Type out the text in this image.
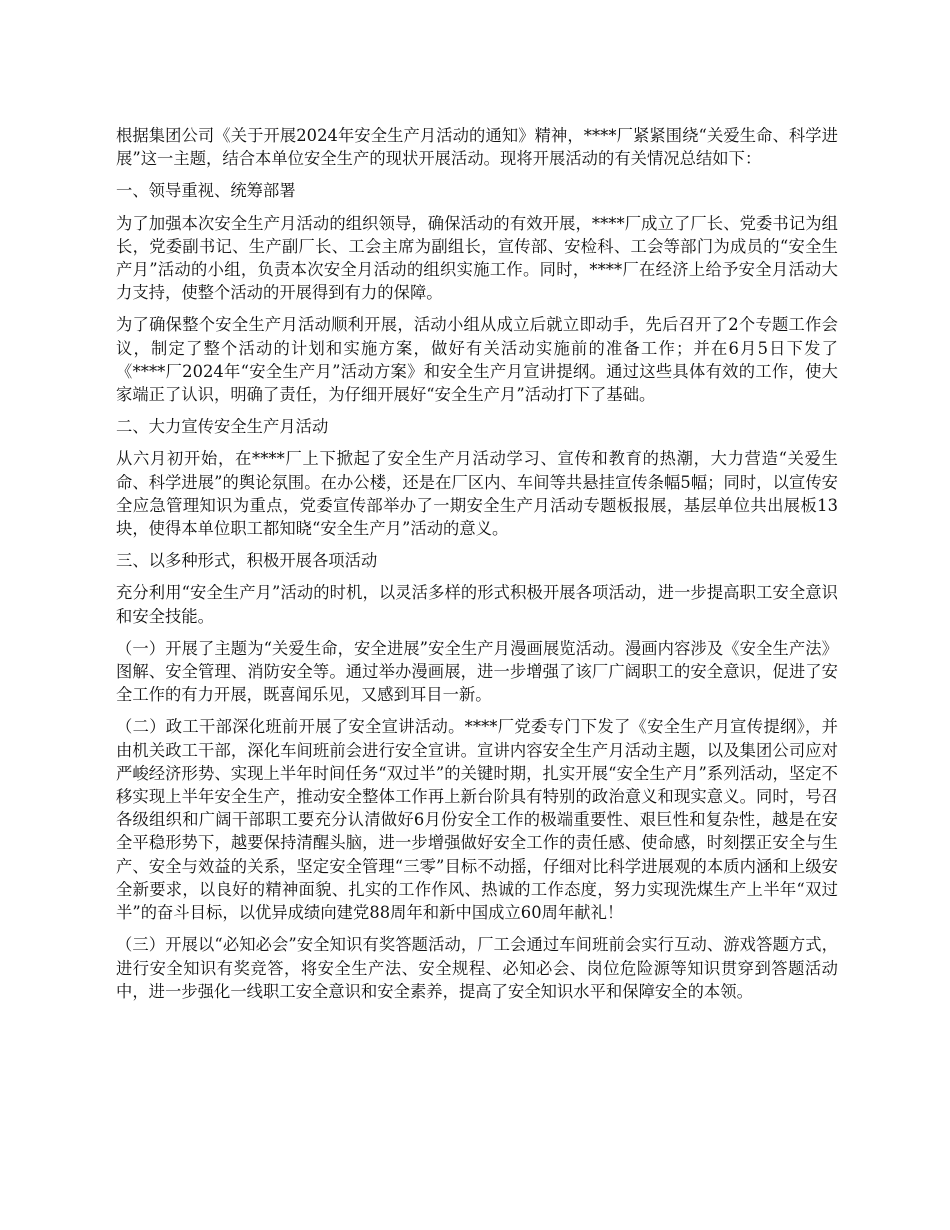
根据集团公司《关于开展2024年安全生产月活动的通知》精神，****厂紧紧围绕“关爱生命、科学进展”这一主题，结合本单位安全生产的现状开展活动。现将开展活动的有关情况总结如下：

一、领导重视、统筹部署

为了加强本次安全生产月活动的组织领导，确保活动的有效开展，****厂成立了厂长、党委书记为组长，党委副书记、生产副厂长、工会主席为副组长，宣传部、安检科、工会等部门为成员的“安全生产月”活动的小组，负责本次安全月活动的组织实施工作。同时，****厂在经济上给予安全月活动大力支持，使整个活动的开展得到有力的保障。

为了确保整个安全生产月活动顺利开展，活动小组从成立后就立即动手，先后召开了2个专题工作会议，制定了整个活动的计划和实施方案，做好有关活动实施前的准备工作；并在6月5日下发了《****厂2024年“安全生产月”活动方案》和安全生产月宣讲提纲。通过这些具体有效的工作，使大家端正了认识，明确了责任，为仔细开展好“安全生产月”活动打下了基础。

二、大力宣传安全生产月活动

从六月初开始，在****厂上下掀起了安全生产月活动学习、宣传和教育的热潮，大力营造“关爱生命、科学进展”的舆论氛围。在办公楼，还是在厂区内、车间等共悬挂宣传条幅5幅；同时，以宣传安全应急管理知识为重点，党委宣传部举办了一期安全生产月活动专题板报展，基层单位共出展板13块，使得本单位职工都知晓“安全生产月”活动的意义。

三、以多种形式，积极开展各项活动

充分利用“安全生产月”活动的时机，以灵活多样的形式积极开展各项活动，进一步提高职工安全意识和安全技能。

（一）开展了主题为“关爱生命，安全进展”安全生产月漫画展览活动。漫画内容涉及《安全生产法》图解、安全管理、消防安全等。通过举办漫画展，进一步增强了该厂广阔职工的安全意识，促进了安全工作的有力开展，既喜闻乐见，又感到耳目一新。

（二）政工干部深化班前开展了安全宣讲活动。****厂党委专门下发了《安全生产月宣传提纲》，并由机关政工干部，深化车间班前会进行安全宣讲。宣讲内容安全生产月活动主题，以及集团公司应对严峻经济形势、实现上半年时间任务“双过半”的关键时期，扎实开展“安全生产月”系列活动，坚定不移实现上半年安全生产，推动安全整体工作再上新台阶具有特别的政治意义和现实意义。同时，号召各级组织和广阔干部职工要充分认清做好6月份安全工作的极端重要性、艰巨性和复杂性，越是在安全平稳形势下，越要保持清醒头脑，进一步增强做好安全工作的责任感、使命感，时刻摆正安全与生产、安全与效益的关系，坚定安全管理“三零”目标不动摇，仔细对比科学进展观的本质内涵和上级安全新要求，以良好的精神面貌、扎实的工作作风、热诚的工作态度，努力实现洗煤生产上半年“双过半”的奋斗目标，以优异成绩向建党88周年和新中国成立60周年献礼！

（三）开展以“必知必会”安全知识有奖答题活动，厂工会通过车间班前会实行互动、游戏答题方式，进行安全知识有奖竞答，将安全生产法、安全规程、必知必会、岗位危险源等知识贯穿到答题活动中，进一步强化一线职工安全意识和安全素养，提高了安全知识水平和保障安全的本领。
